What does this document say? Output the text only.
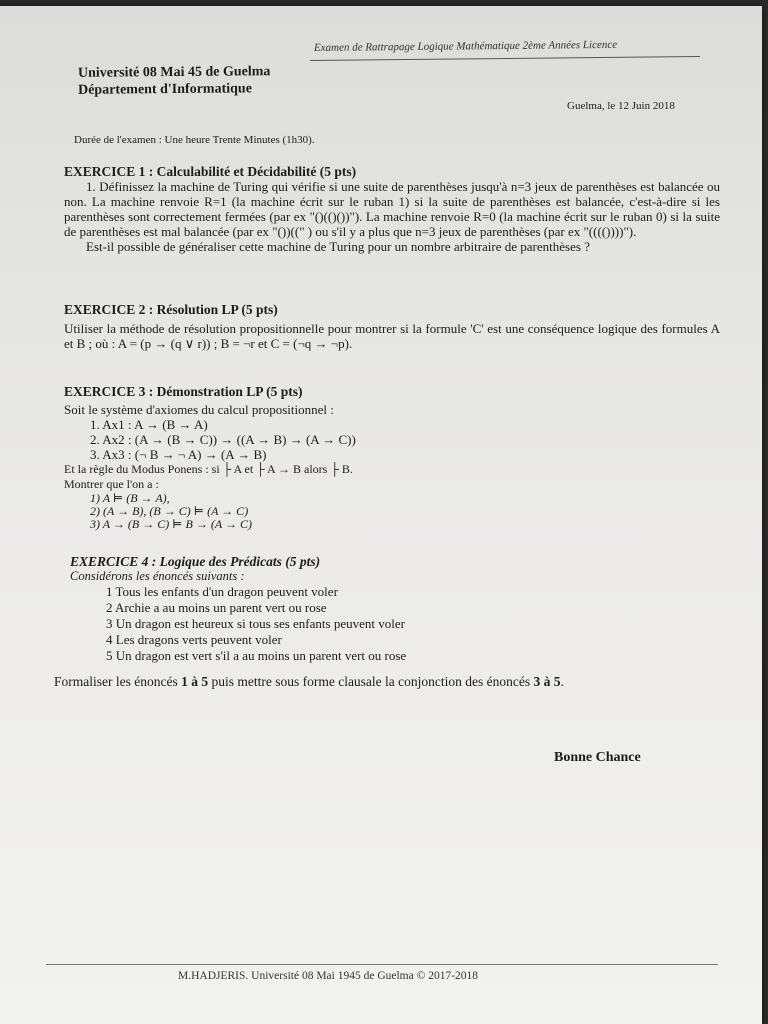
Examen de Rattrapage Logique Mathématique 2ème Années Licence
Université 08 Mai 45 de Guelma
Département d'Informatique
Guelma, le 12 Juin 2018
Durée de l'examen : Une heure Trente Minutes (1h30).
EXERCICE 1 : Calculabilité et Décidabilité (5 pts)

1. Définissez la machine de Turing qui vérifie si une suite de parenthèses jusqu'à n=3 jeux de parenthèses est balancée ou non. La machine renvoie R=1 (la machine écrit sur le ruban 1) si la suite de parenthèses est balancée, c'est-à-dire si les parenthèses sont correctement fermées (par ex "()(()())"). La machine renvoie R=0 (la machine écrit sur le ruban 0) si la suite de parenthèses est mal balancée (par ex "())((" ) ou s'il y a plus que n=3 jeux de parenthèses (par ex "(((())))").

Est-il possible de généraliser cette machine de Turing pour un nombre arbitraire de parenthèses ?

EXERCICE 2 : Résolution LP (5 pts)

Utiliser la méthode de résolution propositionnelle pour montrer si la formule 'C' est une conséquence logique des formules A et B ; où : A = (p → (q ∨ r)) ; B = ¬r et C = (¬q → ¬p).

EXERCICE 3 : Démonstration LP (5 pts)

Soit le système d'axiomes du calcul propositionnel :

1. Ax1 : A → (B → A)
2. Ax2 : (A → (B → C)) → ((A → B) → (A → C))
3. Ax3 : (¬ B → ¬ A) → (A → B)

Et la règle du Modus Ponens : si ├ A et ├ A → B alors ├ B.

Montrer que l'on a :

1) A ⊨ (B → A),
2) (A → B), (B → C) ⊨ (A → C)
3) A → (B → C) ⊨ B → (A → C)
EXERCICE 4 : Logique des Prédicats (5 pts)

Considérons les énoncés suivants :

1 Tous les enfants d'un dragon peuvent voler
2 Archie a au moins un parent vert ou rose
3 Un dragon est heureux si tous ses enfants peuvent voler
4 Les dragons verts peuvent voler
5 Un dragon est vert s'il a au moins un parent vert ou rose
Formaliser les énoncés 1 à 5 puis mettre sous forme clausale la conjonction des énoncés 3 à 5.
Bonne Chance
M.HADJERIS. Université 08 Mai 1945 de Guelma © 2017-2018
